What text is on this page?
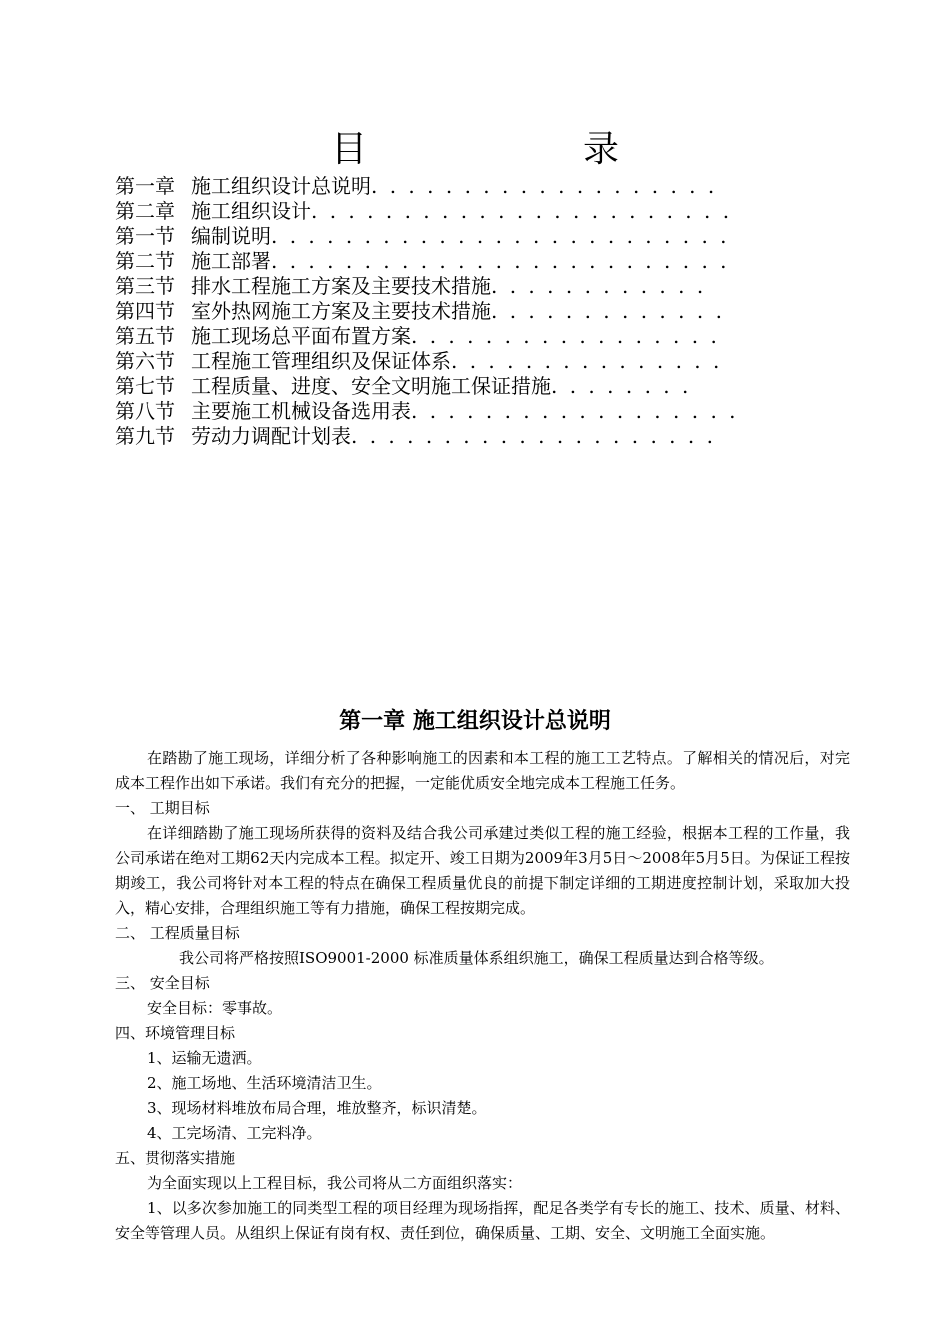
目　录
第一章 施工组织设计总说明. . . . . . . . . . . . . . . . . . .
第二章 施工组织设计. . . . . . . . . . . . . . . . . . . . . . .
第一节 编制说明. . . . . . . . . . . . . . . . . . . . . . . . .
第二节 施工部署. . . . . . . . . . . . . . . . . . . . . . . . .
第三节 排水工程施工方案及主要技术措施. . . . . . . . . . . .
第四节 室外热网施工方案及主要技术措施. . . . . . . . . . . . .
第五节 施工现场总平面布置方案. . . . . . . . . . . . . . . . .
第六节 工程施工管理组织及保证体系. . . . . . . . . . . . . . .
第七节 工程质量、进度、安全文明施工保证措施. . . . . . . .
第八节 主要施工机械设备选用表. . . . . . . . . . . . . . . . . .
第九节 劳动力调配计划表. . . . . . . . . . . . . . . . . . . .
第一章 施工组织设计总说明

在踏勘了施工现场，详细分析了各种影响施工的因素和本工程的施工工艺特点。了解相关的情况后，对完成本工程作出如下承诺。我们有充分的把握，一定能优质安全地完成本工程施工任务。

一、 工期目标

在详细踏勘了施工现场所获得的资料及结合我公司承建过类似工程的施工经验，根据本工程的工作量，我公司承诺在绝对工期62天内完成本工程。拟定开、竣工日期为2009年3月5日～2008年5月5日。为保证工程按期竣工，我公司将针对本工程的特点在确保工程质量优良的前提下制定详细的工期进度控制计划，采取加大投入，精心安排，合理组织施工等有力措施，确保工程按期完成。

二、 工程质量目标

我公司将严格按照ISO9001-2000 标准质量体系组织施工，确保工程质量达到合格等级。

三、 安全目标

安全目标：零事故。

四、环境管理目标

1、运输无遗洒。

2、施工场地、生活环境清洁卫生。

3、现场材料堆放布局合理，堆放整齐，标识清楚。

4、工完场清、工完料净。

五、贯彻落实措施

为全面实现以上工程目标，我公司将从二方面组织落实：

1、以多次参加施工的同类型工程的项目经理为现场指挥，配足各类学有专长的施工、技术、质量、材料、安全等管理人员。从组织上保证有岗有权、责任到位，确保质量、工期、安全、文明施工全面实施。
